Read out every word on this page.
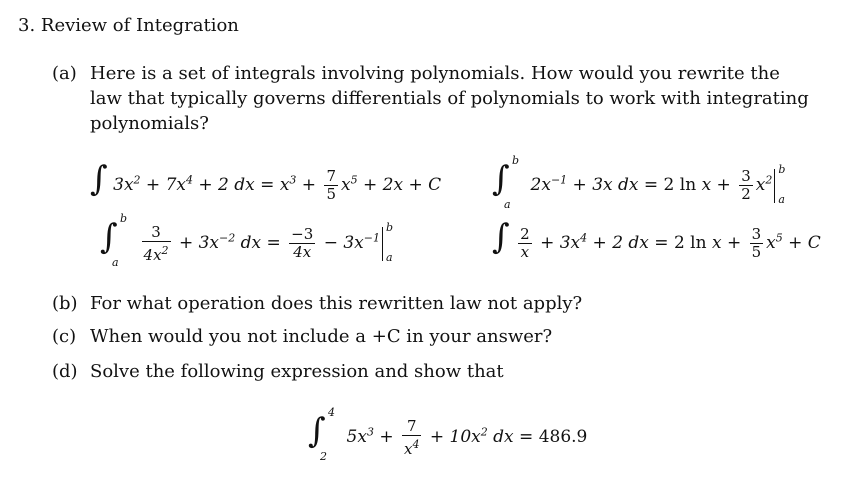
3. Review of Integration
(a) Here is a set of integrals involving polynomials. How would you rewrite the
law that typically governs differentials of polynomials to work with integrating
polynomials?
∫ $3x^2 + 7x^4 + 2$ dx = $x^3 + \frac{7}{5} x^5 + 2x + C$ ∫ b
a
$2x^{-1} + 3x$ dx = 2 $\ln x + \frac{3}{2} x^2$
b
a
∫ b
a
$\frac{3}{4x^2} + 3x^{-2}$ dx = $\frac{-3}{4x} - 3x^{-1}$
b
a	∫ $\frac{2}{x} + 3x^4 + 2$ dx = 2 $\ln x + \frac{3}{5} x^5 + C$
(b) For what operation does this rewritten law not apply?
(c) When would you not include a +C in your answer?
(d) Solve the following expression and show that
∫ 4
2
$5x^3 + \frac{7}{x^4} + 10x^2$ dx = 486.9
